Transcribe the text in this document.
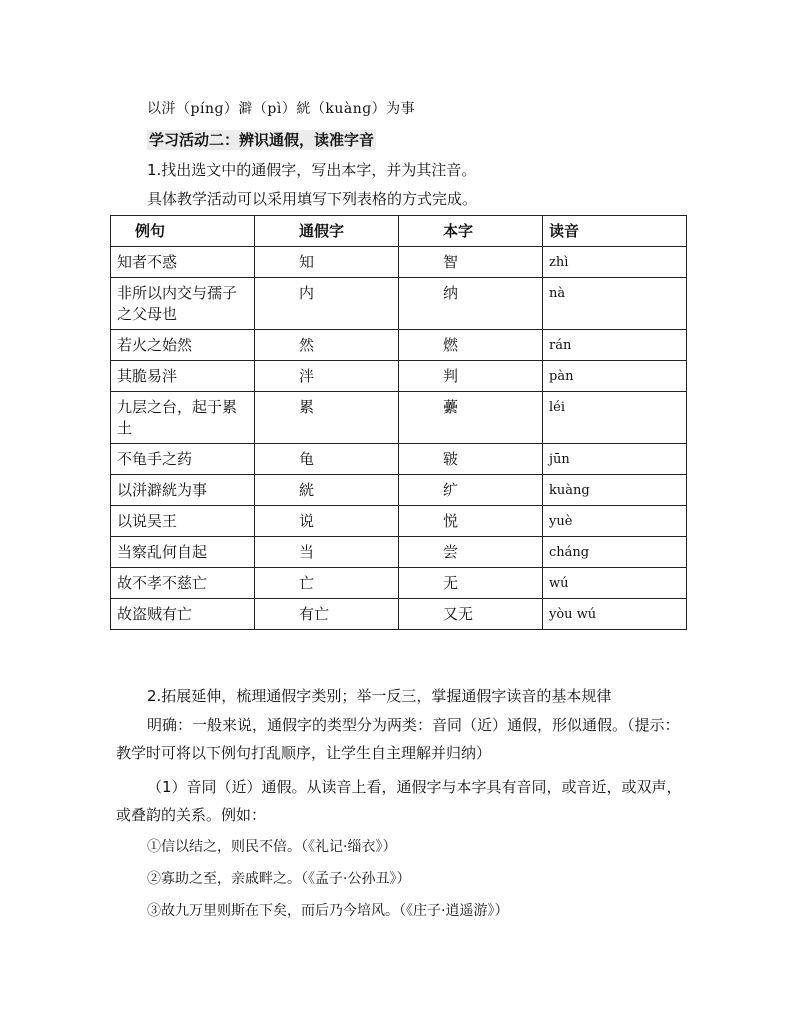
以洴（pínɡ）澼（pì）絖（kuànɡ）为事
学习活动二：辨识通假，读准字音
1.找出选文中的通假字，写出本字，并为其注音。
具体教学活动可以采用填写下列表格的方式完成。
例句	通假字	本字	读音
知者不惑	知	智	zhì
非所以内交与孺子之父母也	内	纳	nà
若火之始然	然	燃	rán
其脆易泮	泮	判	pàn
九层之台，起于累土	累	虆	léi
不龟手之药	龟	皲	jūn
以洴澼絖为事	絖	纩	kuàng
以说吴王	说	悦	yuè
当察乱何自起	当	尝	cháng
故不孝不慈亡	亡	无	wú
故盗贼有亡	有亡	又无	yòu wú
2.拓展延伸，梳理通假字类别；举一反三，掌握通假字读音的基本规律
明确：一般来说，通假字的类型分为两类：音同（近）通假，形似通假。（提示：
教学时可将以下例句打乱顺序，让学生自主理解并归纳）
（1）音同（近）通假。从读音上看，通假字与本字具有音同，或音近，或双声，
或叠韵的关系。例如：
①信以结之，则民不倍。（《礼记·缁衣》）
②寡助之至，亲戚畔之。（《孟子·公孙丑》）
③故九万里则斯在下矣，而后乃今培风。（《庄子·逍遥游》）
